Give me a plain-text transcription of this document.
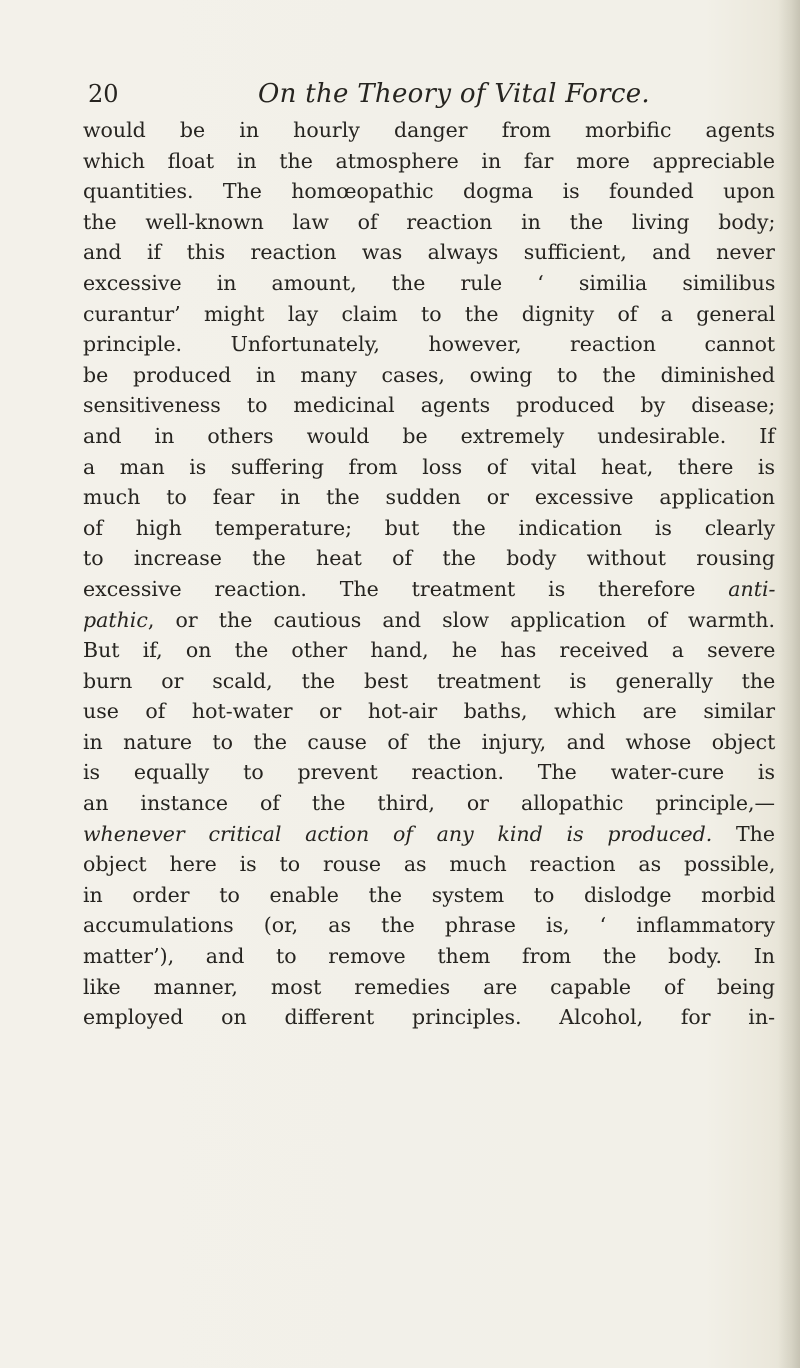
20	On the Theory of Vital Force.
would be in hourly danger from morbific agents
which float in the atmosphere in far more appreciable
quantities. The homœopathic dogma is founded upon
the well-known law of reaction in the living body;
and if this reaction was always sufficient, and never
excessive in amount, the rule ‘ similia similibus
curantur’ might lay claim to the dignity of a general
principle. Unfortunately, however, reaction cannot
be produced in many cases, owing to the diminished
sensitiveness to medicinal agents produced by disease;
and in others would be extremely undesirable. If
a man is suffering from loss of vital heat, there is
much to fear in the sudden or excessive application
of high temperature; but the indication is clearly
to increase the heat of the body without rousing
excessive reaction. The treatment is therefore anti-
pathic, or the cautious and slow application of warmth.
But if, on the other hand, he has received a severe
burn or scald, the best treatment is generally the
use of hot-water or hot-air baths, which are similar
in nature to the cause of the injury, and whose object
is equally to prevent reaction. The water-cure is
an instance of the third, or allopathic principle,—
whenever critical action of any kind is produced. The
object here is to rouse as much reaction as possible,
in order to enable the system to dislodge morbid
accumulations (or, as the phrase is, ‘ inflammatory
matter’), and to remove them from the body. In
like manner, most remedies are capable of being
employed on different principles. Alcohol, for in-
